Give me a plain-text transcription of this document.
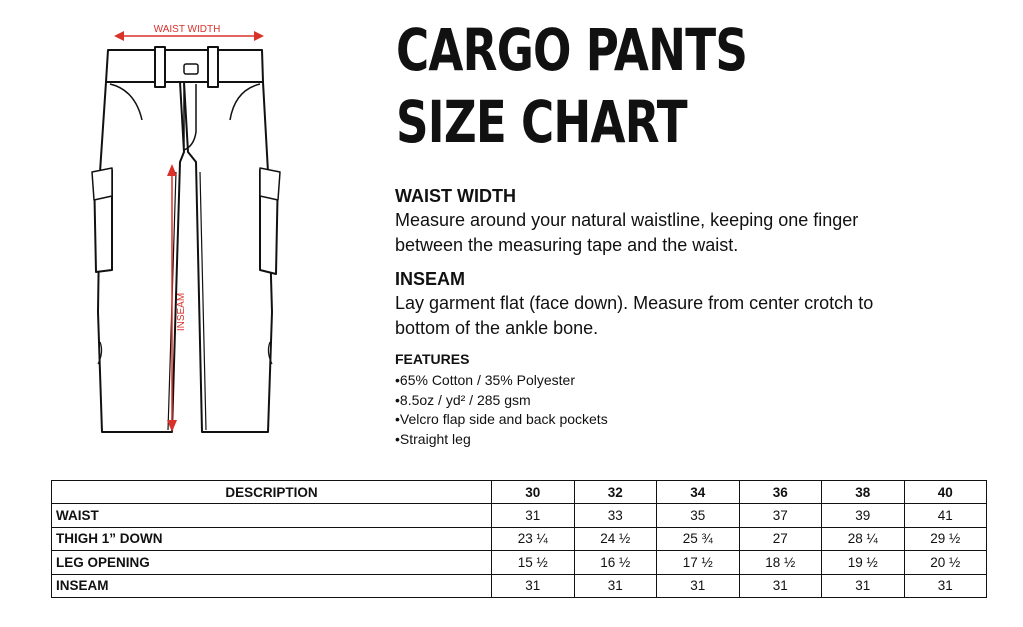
WAIST WIDTH
INSEAM
CARGO PANTS
SIZE CHART
WAIST WIDTH
Measure around your natural waistline, keeping one finger between the measuring tape and the waist.
INSEAM
Lay garment flat (face down). Measure from center crotch to bottom of the ankle bone.
FEATURES
• 65% Cotton / 35% Polyester
• 8.5oz / yd² / 285 gsm
• Velcro flap side and back pockets
• Straight leg
DESCRIPTION	30	32	34	36	38	40
WAIST	31	33	35	37	39	41
THIGH 1” DOWN	23 ¼	24 ½	25 ¾	27	28 ¼	29 ½
LEG OPENING	15 ½	16 ½	17 ½	18 ½	19 ½	20 ½
INSEAM	31	31	31	31	31	31
